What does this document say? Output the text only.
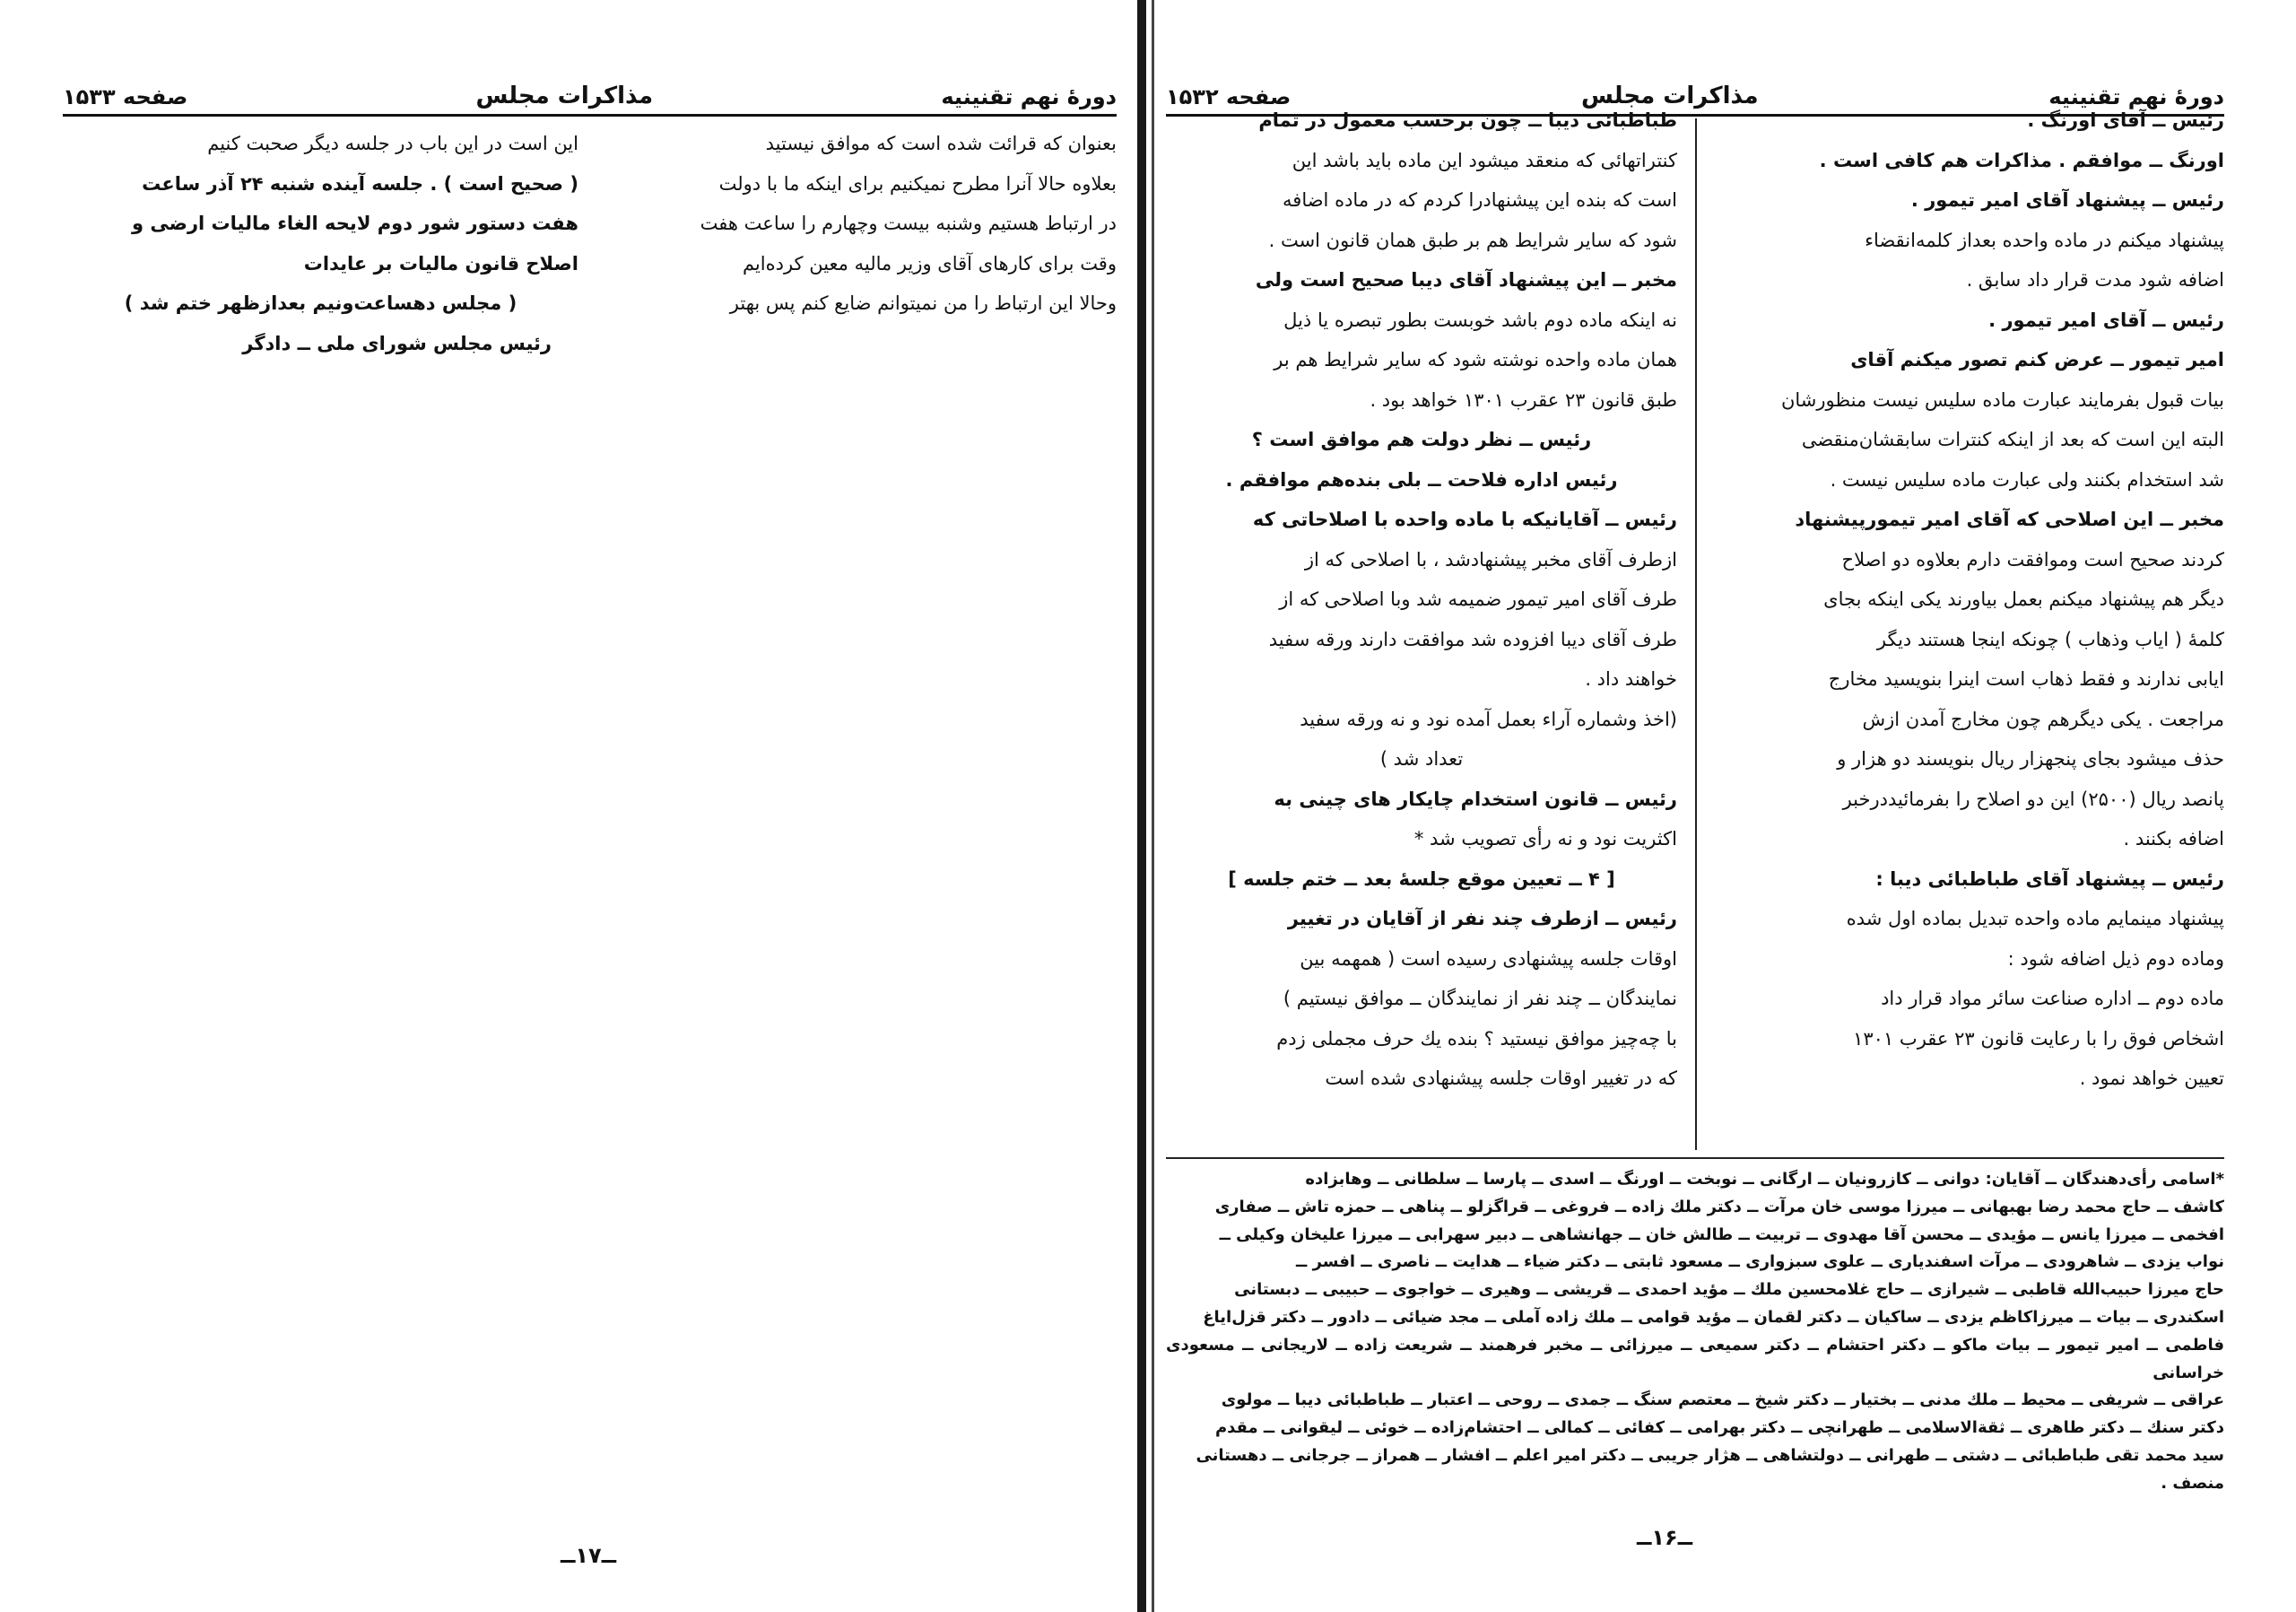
دورهٔ نهم تقنینیه
مذاکرات مجلس
صفحه ۱۵۳۳

بعنوان که قرائت شده است که موافق نیستید

بعلاوه حالا آنرا مطرح نمیکنیم برای اینکه ما با دولت

در ارتباط هستیم وشنبه بیست وچهارم را ساعت هفت

وقت برای کارهای آقای وزیر مالیه معین کرده‌ایم

وحالا این ارتباط را من نمیتوانم ضایع کنم پس بهتر

این است در این باب در جلسه دیگر صحبت کنیم

( صحیح است ) . جلسه آینده شنبه ۲۴ آذر ساعت

هفت دستور شور دوم لایحه الغاء مالیات ارضی و

اصلاح قانون مالیات بر عایدات

( مجلس دهساعت‌ونیم بعدازظهر ختم شد )

رئیس مجلس شورای ملی ــ دادگر

ــ۱۷ــ
دورهٔ نهم تقنینیه
مذاکرات مجلس
صفحه ۱۵۳۲

رئیس ــ آقای اورنگ .

اورنگ ــ موافقم . مذاکرات هم کافی است .

رئیس ــ پیشنهاد آقای امیر تیمور .

پیشنهاد میکنم در ماده واحده بعداز کلمه‌انقضاء

اضافه شود مدت قرار داد سابق .

رئیس ــ آقای امیر تیمور .

امیر تیمور ــ عرض کنم تصور میکنم آقای

بیات قبول بفرمایند عبارت ماده سلیس نیست منظورشان

البته این است که بعد از اینکه کنترات سابقشان‌منقضی

شد استخدام بکنند ولی عبارت ماده سلیس نیست .

مخبر ــ این اصلاحی که آقای امیر تیمورپیشنهاد

کردند صحیح است وموافقت دارم بعلاوه دو اصلاح

دیگر هم پیشنهاد میکنم بعمل بیاورند یکی اینکه بجای

کلمهٔ ( ایاب وذهاب ) چونکه اینجا هستند دیگر

ایابی ندارند و فقط ذهاب است اینرا بنویسید مخارج

مراجعت . یکی دیگرهم چون مخارج آمدن ازش

حذف میشود بجای پنجهزار ریال بنویسند دو هزار و

پانصد ریال (۲۵۰۰) این دو اصلاح را بفرمائیددرخبر

اضافه بکنند .

رئیس ــ پیشنهاد آقای طباطبائی دیبا :

پیشنهاد مینمایم ماده واحده تبدیل بماده اول شده

وماده دوم ذیل اضافه شود :

ماده دوم ــ اداره صناعت سائر مواد قرار داد

اشخاص فوق را با رعایت قانون ۲۳ عقرب ۱۳۰۱

تعیین خواهد نمود .

طباطبائی دیبا ــ چون برحسب معمول در تمام

کنتراتهائی که منعقد میشود این ماده باید باشد این

است که بنده این پیشنهادرا کردم که در ماده اضافه

شود که سایر شرایط هم بر طبق همان قانون است .

مخبر ــ این پیشنهاد آقای دیبا صحیح است ولی

نه اینکه ماده دوم باشد خوبست بطور تبصره یا ذیل

همان ماده واحده نوشته شود که سایر شرایط هم بر

طبق قانون ۲۳ عقرب ۱۳۰۱ خواهد بود .

رئیس ــ نظر دولت هم موافق است ؟

رئیس اداره فلاحت ــ بلی بنده‌هم موافقم .

رئیس ــ آقایانیکه با ماده واحده با اصلاحاتی که

ازطرف آقای مخبر پیشنهادشد ، با اصلاحی که از

طرف آقای امیر تیمور ضمیمه شد وبا اصلاحی که از

طرف آقای دیبا افزوده شد موافقت دارند ورقه سفید

خواهند داد .

(اخذ وشماره آراء بعمل آمده نود و نه ورقه سفید

تعداد شد )

رئیس ــ قانون استخدام چایکار های چینی به

اکثریت نود و نه رأی تصویب شد *

[ ۴ ــ تعیین موقع جلسهٔ بعد ــ ختم جلسه ]

رئیس ــ ازطرف چند نفر از آقایان در تغییر

اوقات جلسه پیشنهادی رسیده است ( همهمه بین

نمایندگان ــ چند نفر از نمایندگان ــ موافق نیستیم )

با چه‌چیز موافق نیستید ؟ بنده یك حرف مجملی زدم

که در تغییر اوقات جلسه پیشنهادی شده است

*اسامی رأی‌دهندگان ــ آقایان: دوانی ــ کازرونیان ــ ارگانی ــ نوبخت ــ اورنگ ــ اسدی ــ پارسا ــ سلطانی ــ وهابزاده

کاشف ــ حاج محمد رضا بهبهانی ــ میرزا موسی خان مرآت ــ دکتر ملك زاده ــ فروغی ــ قراگزلو ــ پناهی ــ حمزه تاش ــ صفاری

افخمی ــ میرزا یانس ــ مؤیدی ــ محسن آقا مهدوی ــ تربیت ــ طالش خان ــ جهانشاهی ــ دبیر سهرابی ــ میرزا علیخان وکیلی ــ

نواب یزدی ــ شاهرودی ــ مرآت اسفندیاری ــ علوی سبزواری ــ مسعود ثابتی ــ دکتر ضیاء ــ هدایت ــ ناصری ــ افسر ــ

حاج میرزا حبیب‌الله قاطبی ــ شیرازی ــ حاج غلامحسین ملك ــ مؤید احمدی ــ قریشی ــ وهیری ــ خواجوی ــ حبیبی ــ دبستانی

اسکندری ــ بیات ــ میرزاکاظم یزدی ــ ساکیان ــ دکتر لقمان ــ مؤید قوامی ــ ملك زاده آملی ــ مجد ضیائی ــ دادور ــ دکتر قزل‌ایاغ

فاطمی ــ امیر تیمور ــ بیات ماکو ــ دکتر احتشام ــ دکتر سمیعی ــ میرزائی ــ مخبر فرهمند ــ شریعت زاده ــ لاریجانی ــ مسعودی خراسانی

عراقی ــ شریفی ــ محیط ــ ملك مدنی ــ بختیار ــ دکتر شیخ ــ معتصم سنگ ــ جمدی ــ روحی ــ اعتبار ــ طباطبائی دیبا ــ مولوی

دکتر سنك ــ دکتر طاهری ــ ثقة‌الاسلامی ــ طهرانچی ــ دکتر بهرامی ــ کفائی ــ کمالی ــ احتشام‌زاده ــ خوئی ــ لیقوانی ــ مقدم

سید محمد تقی طباطبائی ــ دشتی ــ طهرانی ــ دولتشاهی ــ هژار جریبی ــ دکتر امیر اعلم ــ افشار ــ همراز ــ جرجانی ــ دهستانی

منصف .

ــ۱۶ــ
